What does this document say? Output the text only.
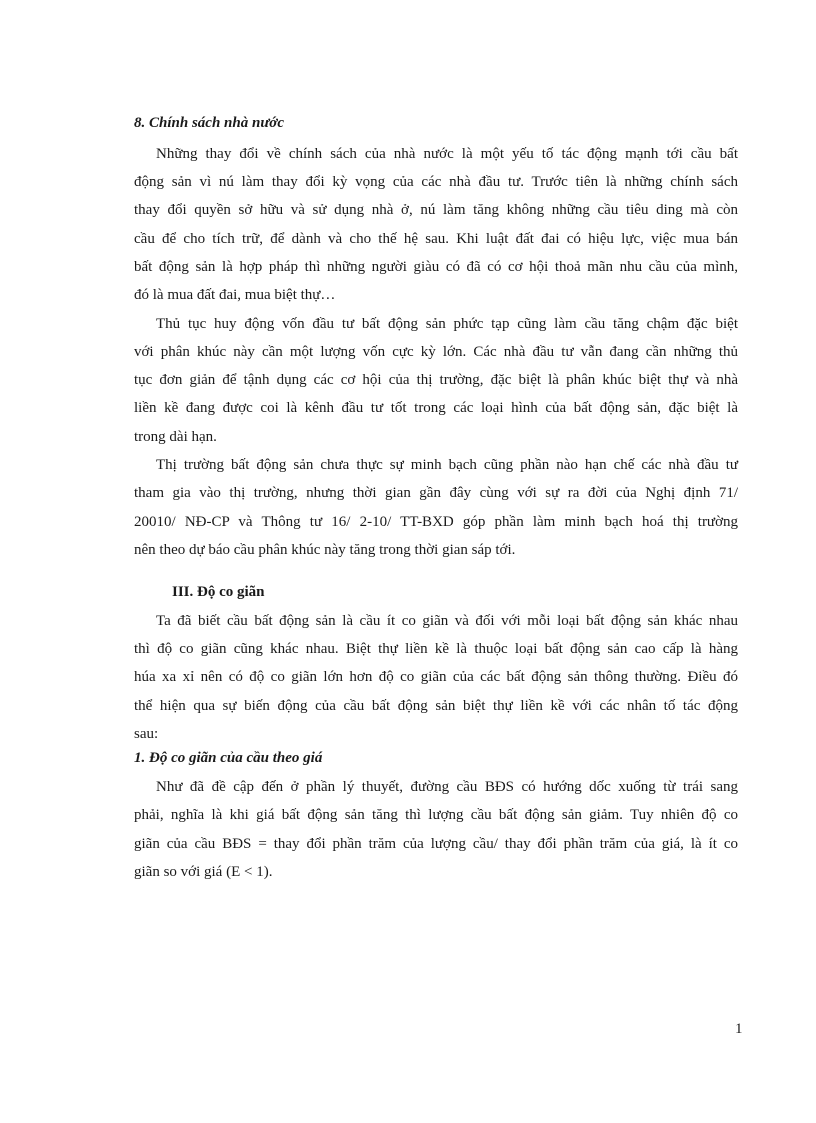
8. Chính sách nhà nước
Những thay đổi về chính sách của nhà nước là một yếu tố tác động mạnh tới cầu bất
động sản vì nú làm thay đổi kỳ vọng của các nhà đầu tư. Trước tiên là những chính sách
thay đổi quyền sở hữu và sử dụng nhà ở, nú làm tăng không những cầu tiêu ding mà còn
cầu để cho tích trữ, để dành và cho thế hệ sau. Khi luật đất đai có hiệu lực, việc mua bán
bất động sản là hợp pháp thì những người giàu có đã có cơ hội thoả mãn nhu cầu của mình,
đó là mua đất đai, mua biệt thự…
Thủ tục huy động vốn đầu tư bất động sản phức tạp cũng làm cầu tăng chậm đặc biệt
với phân khúc này cần một lượng vốn cực kỳ lớn. Các nhà đầu tư vẫn đang cần những thủ
tục đơn giản để tậnh dụng các cơ hội của thị trường, đặc biệt là phân khúc biệt thự và nhà
liền kề đang được coi là kênh đầu tư tốt trong các loại hình của bất động sản, đặc biệt là
trong dài hạn.
Thị trường bất động sản chưa thực sự minh bạch cũng phần nào hạn chế các nhà đầu tư
tham gia vào thị trường, nhưng thời gian gần đây cùng với sự ra đời của Nghị định 71/
20010/ NĐ-CP và Thông tư 16/ 2-10/ TT-BXD góp phần làm minh bạch hoá thị trường
nên theo dự báo cầu phân khúc này tăng trong thời gian sáp tới.
III. Độ co giãn
Ta đã biết cầu bất động sản là cầu ít co giãn và đối với mỗi loại bất động sản khác nhau
thì độ co giãn cũng khác nhau. Biệt thự liền kề là thuộc loại bất động sản cao cấp là hàng
húa xa xỉ nên có độ co giãn lớn hơn độ co giãn của các bất động sản thông thường. Điều đó
thể hiện qua sự biến động của cầu bất động sản biệt thự liền kề với các nhân tố tác động
sau:
1. Độ co giãn của cầu theo giá
Như đã đề cập đến ở phần lý thuyết, đường cầu BĐS có hướng dốc xuống từ trái sang
phải, nghĩa là khi giá bất động sản tăng thì lượng cầu bất động sản giảm. Tuy nhiên độ co
giãn của cầu BĐS = thay đổi phần trăm của lượng cầu/ thay đổi phần trăm của giá, là ít co
giãn so với giá (E < 1).
1
